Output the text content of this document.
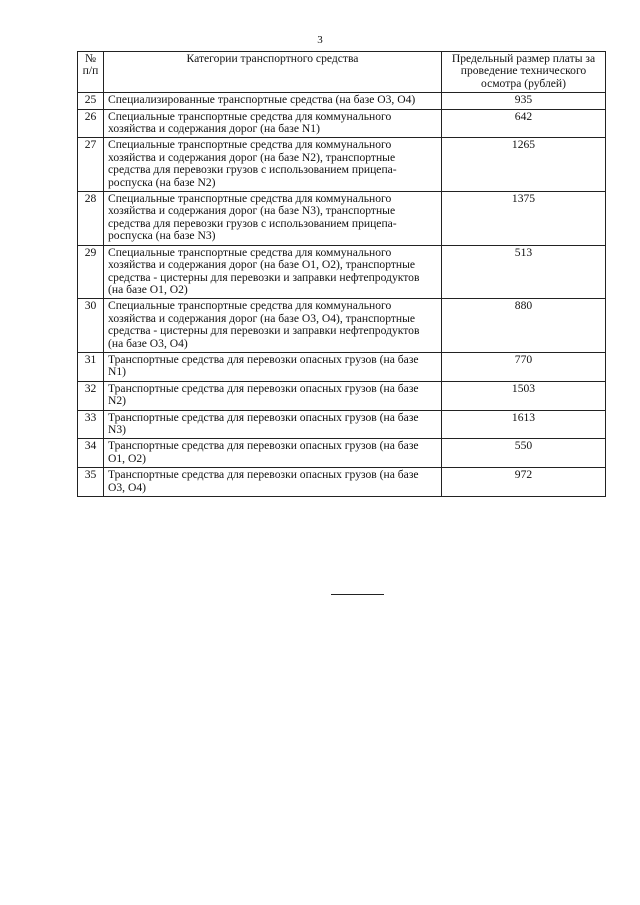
3
№ п/п	Категории транспортного средства	Предельный размер платы за проведение технического осмотра (рублей)
25	Специализированные транспортные средства (на базе О3, О4)	935
26	Специальные транспортные средства для коммунального хозяйства и содержания дорог (на базе N1)	642
27	Специальные транспортные средства для коммунального хозяйства и содержания дорог (на базе N2), транспортные средства для перевозки грузов с использованием прицепа-роспуска (на базе N2)	1265
28	Специальные транспортные средства для коммунального хозяйства и содержания дорог (на базе N3), транспортные средства для перевозки грузов с использованием прицепа-роспуска (на базе N3)	1375
29	Специальные транспортные средства для коммунального хозяйства и содержания дорог (на базе О1, О2), транспортные средства - цистерны для перевозки и заправки нефтепродуктов (на базе О1, О2)	513
30	Специальные транспортные средства для коммунального хозяйства и содержания дорог (на базе О3, О4), транспортные средства - цистерны для перевозки и заправки нефтепродуктов (на базе О3, О4)	880
31	Транспортные средства для перевозки опасных грузов (на базе N1)	770
32	Транспортные средства для перевозки опасных грузов (на базе N2)	1503
33	Транспортные средства для перевозки опасных грузов (на базе N3)	1613
34	Транспортные средства для перевозки опасных грузов (на базе О1, О2)	550
35	Транспортные средства для перевозки опасных грузов (на базе О3, О4)	972
